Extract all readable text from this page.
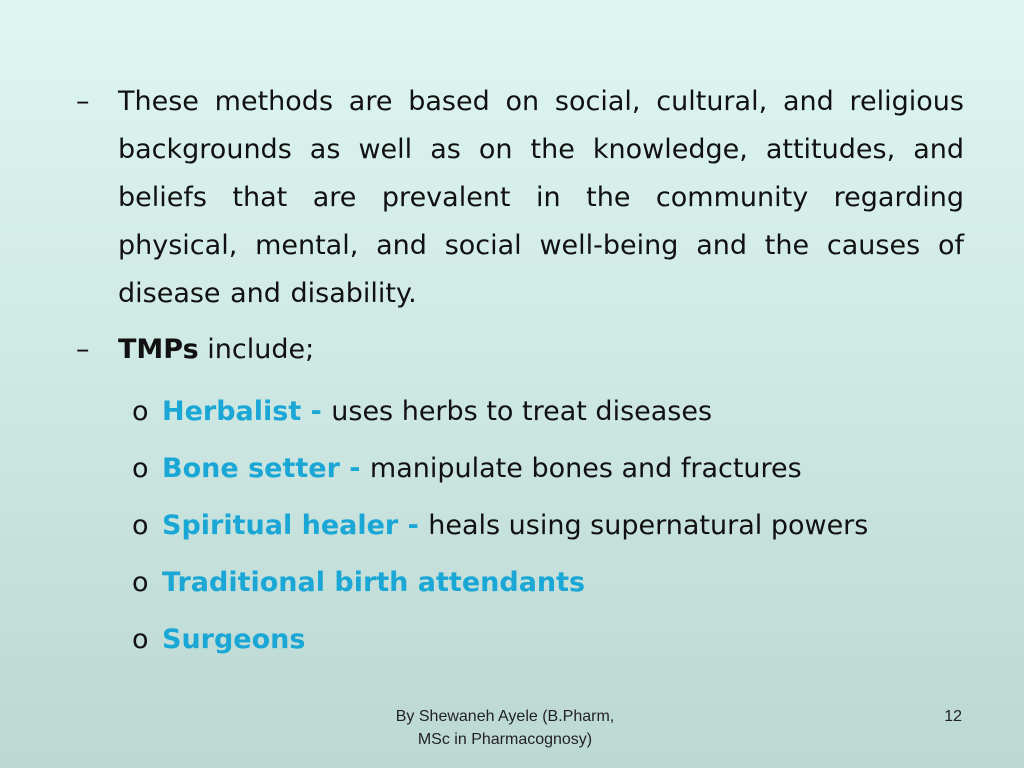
– These methods are based on social, cultural, and religious backgrounds as well as on the knowledge, attitudes, and beliefs that are prevalent in the community regarding physical, mental, and social well-being and the causes of disease and disability.
– TMPs include;
o Herbalist - uses herbs to treat diseases
o Bone setter - manipulate bones and fractures
o Spiritual healer - heals using supernatural powers
o Traditional birth attendants
o Surgeons
By Shewaneh Ayele (B.Pharm,
MSc in Pharmacognosy)
12
